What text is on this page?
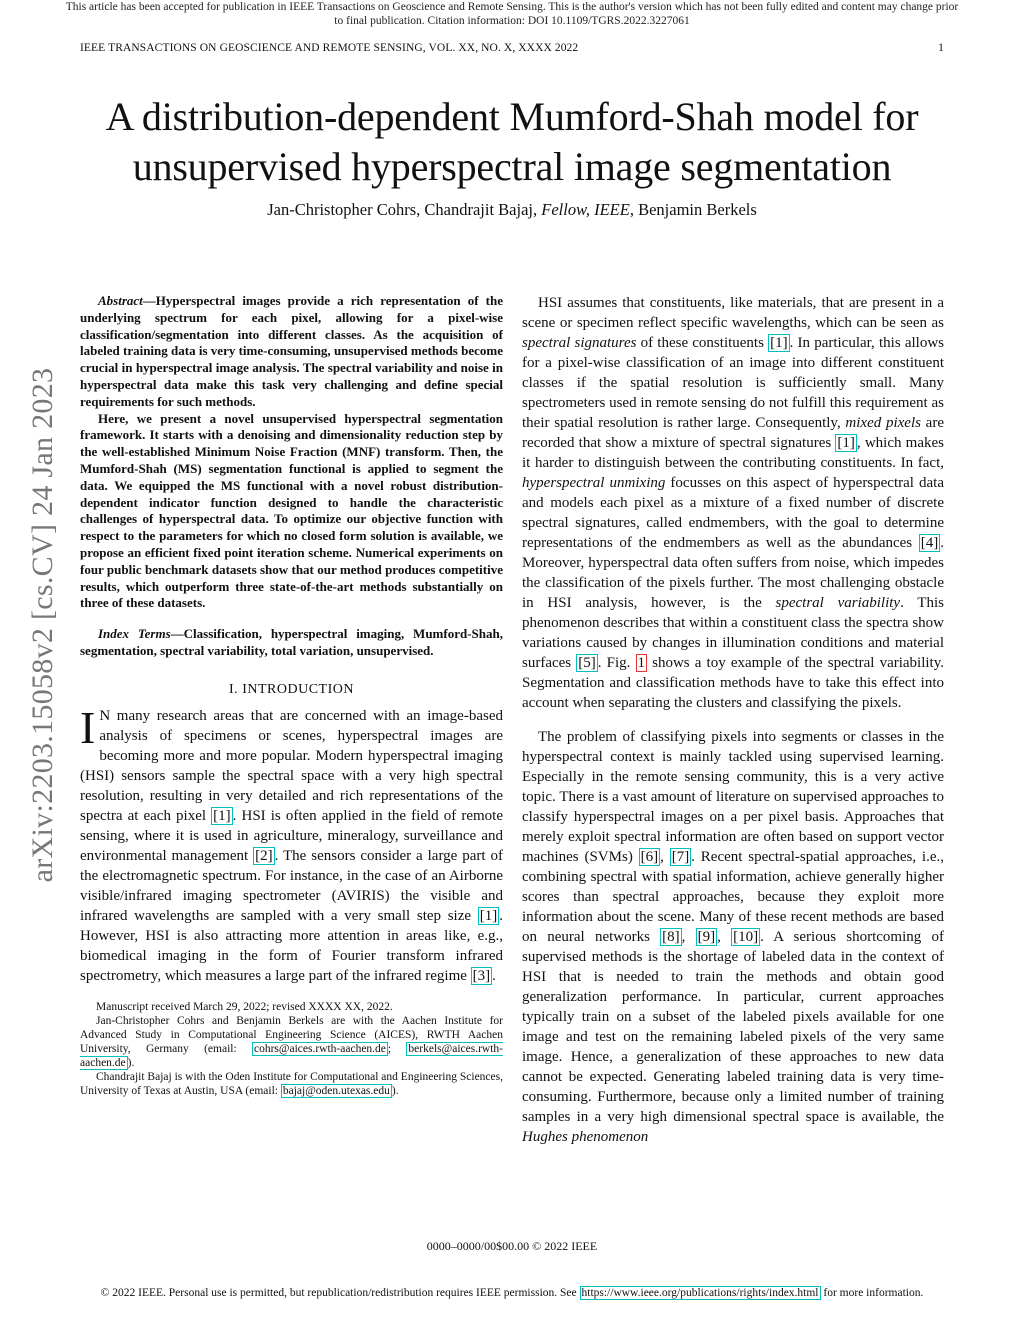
This article has been accepted for publication in IEEE Transactions on Geoscience and Remote Sensing. This is the author's version which has not been fully edited and content may change prior to final publication. Citation information: DOI 10.1109/TGRS.2022.3227061
IEEE TRANSACTIONS ON GEOSCIENCE AND REMOTE SENSING, VOL. XX, NO. X, XXXX 2022	1
A distribution-dependent Mumford-Shah model for
unsupervised hyperspectral image segmentation
Jan-Christopher Cohrs, Chandrajit Bajaj, Fellow, IEEE, Benjamin Berkels
arXiv:2203.15058v2 [cs.CV] 24 Jan 2023

Abstract—Hyperspectral images provide a rich representation of the underlying spectrum for each pixel, allowing for a pixel-wise classification/segmentation into different classes. As the acquisition of labeled training data is very time-consuming, unsupervised methods become crucial in hyperspectral image analysis. The spectral variability and noise in hyperspectral data make this task very challenging and define special requirements for such methods.

Here, we present a novel unsupervised hyperspectral segmentation framework. It starts with a denoising and dimensionality reduction step by the well-established Minimum Noise Fraction (MNF) transform. Then, the Mumford-Shah (MS) segmentation functional is applied to segment the data. We equipped the MS functional with a novel robust distribution-dependent indicator function designed to handle the characteristic challenges of hyperspectral data. To optimize our objective function with respect to the parameters for which no closed form solution is available, we propose an efficient fixed point iteration scheme. Numerical experiments on four public benchmark datasets show that our method produces competitive results, which outperform three state-of-the-art methods substantially on three of these datasets.

Index Terms—Classification, hyperspectral imaging, Mumford-Shah, segmentation, spectral variability, total variation, unsupervised.
I. INTRODUCTION

I N many research areas that are concerned with an image-based analysis of specimens or scenes, hyperspectral images are becoming more and more popular. Modern hyperspectral imaging (HSI) sensors sample the spectral space with a very high spectral resolution, resulting in very detailed and rich representations of the spectra at each pixel [1] . HSI is often applied in the field of remote sensing, where it is used in agriculture, mineralogy, surveillance and environmental management [2] . The sensors consider a large part of the electromagnetic spectrum. For instance, in the case of an Airborne visible/infrared imaging spectrometer (AVIRIS) the visible and infrared wavelengths are sampled with a very small step size [1] . However, HSI is also attracting more attention in areas like, e.g., biomedical imaging in the form of Fourier transform infrared spectrometry, which measures a large part of the infrared regime [3] .

Manuscript received March 29, 2022; revised XXXX XX, 2022.

Jan-Christopher Cohrs and Benjamin Berkels are with the Aachen Institute for Advanced Study in Computational Engineering Science (AICES), RWTH Aachen University, Germany (email: cohrs@aices.rwth-aachen.de ; berkels@aices.rwth-aachen.de ).

Chandrajit Bajaj is with the Oden Institute for Computational and Engineering Sciences, University of Texas at Austin, USA (email: bajaj@oden.utexas.edu ).

HSI assumes that constituents, like materials, that are present in a scene or specimen reflect specific wavelengths, which can be seen as spectral signatures of these constituents [1] . In particular, this allows for a pixel-wise classification of an image into different constituent classes if the spatial resolution is sufficiently small. Many spectrometers used in remote sensing do not fulfill this requirement as their spatial resolution is rather large. Consequently, mixed pixels are recorded that show a mixture of spectral signatures [1] , which makes it harder to distinguish between the contributing constituents. In fact, hyperspectral unmixing focusses on this aspect of hyperspectral data and models each pixel as a mixture of a fixed number of discrete spectral signatures, called endmembers, with the goal to determine representations of the endmembers as well as the abundances [4] . Moreover, hyperspectral data often suffers from noise, which impedes the classification of the pixels further. The most challenging obstacle in HSI analysis, however, is the spectral variability. This phenomenon describes that within a constituent class the spectra show variations caused by changes in illumination conditions and material surfaces [5] . Fig. 1 shows a toy example of the spectral variability. Segmentation and classification methods have to take this effect into account when separating the clusters and classifying the pixels.

The problem of classifying pixels into segments or classes in the hyperspectral context is mainly tackled using supervised learning. Especially in the remote sensing community, this is a very active topic. There is a vast amount of literature on supervised approaches to classify hyperspectral images on a per pixel basis. Approaches that merely exploit spectral information are often based on support vector machines (SVMs) [6] , [7] . Recent spectral-spatial approaches, i.e., combining spectral with spatial information, achieve generally higher scores than spectral approaches, because they exploit more information about the scene. Many of these recent methods are based on neural networks [8] , [9] , [10] . A serious shortcoming of supervised methods is the shortage of labeled data in the context of HSI that is needed to train the methods and obtain good generalization performance. In particular, current approaches typically train on a subset of the labeled pixels available for one image and test on the remaining labeled pixels of the very same image. Hence, a generalization of these approaches to new data cannot be expected. Generating labeled training data is very time-consuming. Furthermore, because only a limited number of training samples in a very high dimensional spectral space is available, the Hughes phenomenon

0000–0000/00$00.00 © 2022 IEEE
© 2022 IEEE. Personal use is permitted, but republication/redistribution requires IEEE permission. See https://www.ieee.org/publications/rights/index.html for more information.
